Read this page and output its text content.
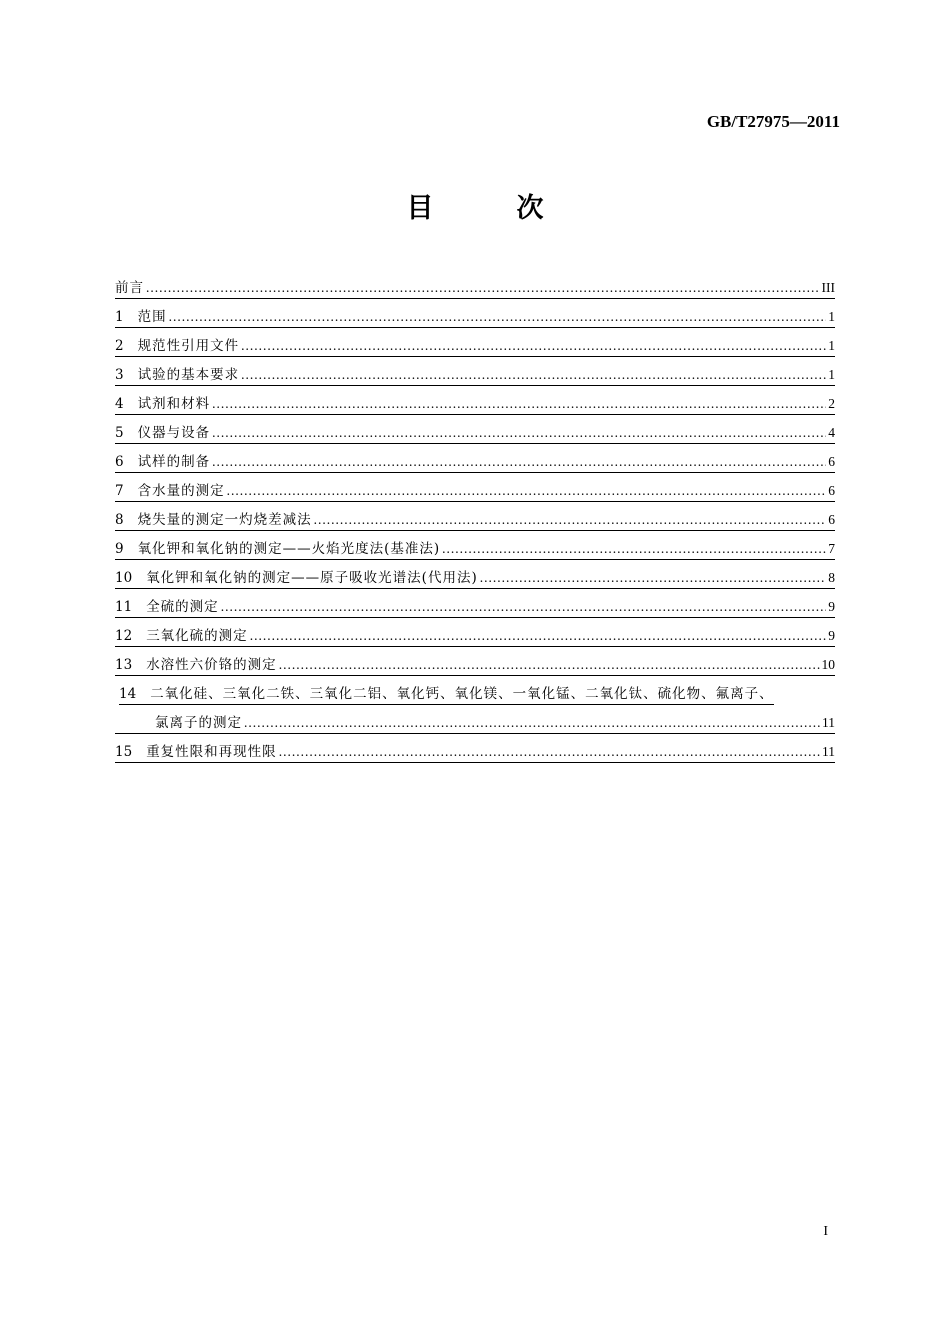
GB/T27975—2011
目　次
前言 .....	III
1	范围 .....	1
2	规范性引用文件 .....	1
3	试验的基本要求 .....	1
4	试剂和材料 .....	2
5	仪器与设备 .....	4
6	试样的制备 .....	6
7	含水量的测定 .....	6
8	烧失量的测定一灼烧差减法 .....	6
9	氧化钾和氧化钠的测定——火焰光度法(基准法) .....	7
10	氧化钾和氧化钠的测定——原子吸收光谱法(代用法) .....	8
11	全硫的测定 .....	9
12	三氧化硫的测定 .....	9
13	水溶性六价铬的测定 .....	10
14	二氧化硅、三氧化二铁、三氧化二铝、氧化钙、氧化镁、一氧化锰、二氧化钛、硫化物、氟离子、
氯离子的测定 .....	11
15	重复性限和再现性限 .....	11
I
